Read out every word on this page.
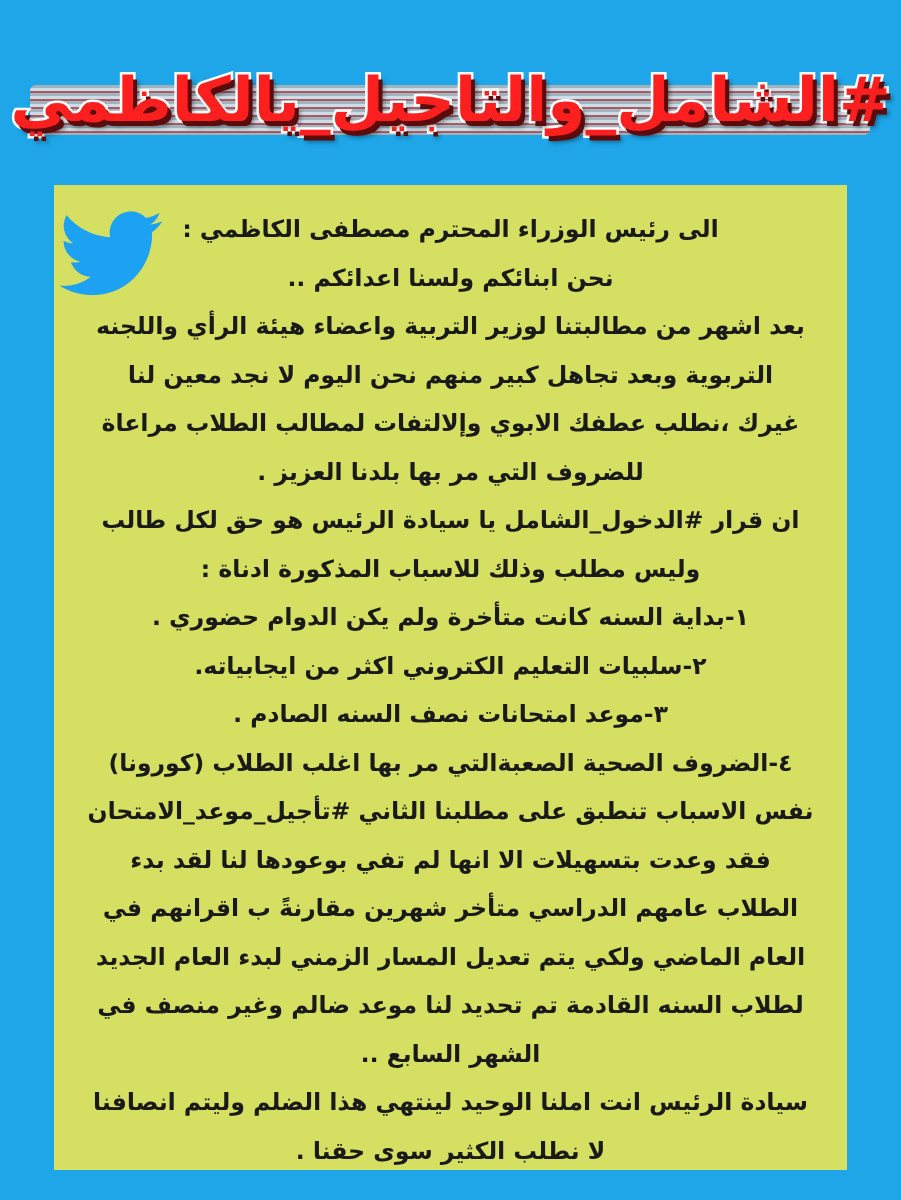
#الشامل_والتاجيل_يالكاظمي
الى رئيس الوزراء المحترم مصطفى الكاظمي :
نحن ابنائكم ولسنا اعدائكم ..
بعد اشهر من مطالبتنا لوزير التربية واعضاء هيئة الرأي واللجنه
التربوية وبعد تجاهل كبير منهم نحن اليوم لا نجد معين لنا
غيرك ،نطلب عطفك الابوي وإلالتفات لمطالب الطلاب مراعاة
للضروف التي مر بها بلدنا العزيز .
ان قرار #الدخول_الشامل يا سيادة الرئيس هو حق لكل طالب
وليس مطلب وذلك للاسباب المذكورة ادناة :
١-بداية السنه كانت متأخرة ولم يكن الدوام حضوري .
٢-سلبيات التعليم الكتروني اكثر من ايجابياته.
٣-موعد امتحانات نصف السنه الصادم .
٤-الضروف الصحية الصعبةالتي مر بها اغلب الطلاب (كورونا)
نفس الاسباب تنطبق على مطلبنا الثاني #تأجيل_موعد_الامتحان
فقد وعدت بتسهيلات الا انها لم تفي بوعودها لنا لقد بدء
الطلاب عامهم الدراسي متأخر شهرين مقارنةً ب اقرانهم في
العام الماضي ولكي يتم تعديل المسار الزمني لبدء العام الجديد
لطلاب السنه القادمة تم تحديد لنا موعد ضالم وغير منصف في
الشهر السابع ..
سيادة الرئيس انت املنا الوحيد لينتهي هذا الضلم وليتم انصافنا
لا نطلب الكثير سوى حقنا .
